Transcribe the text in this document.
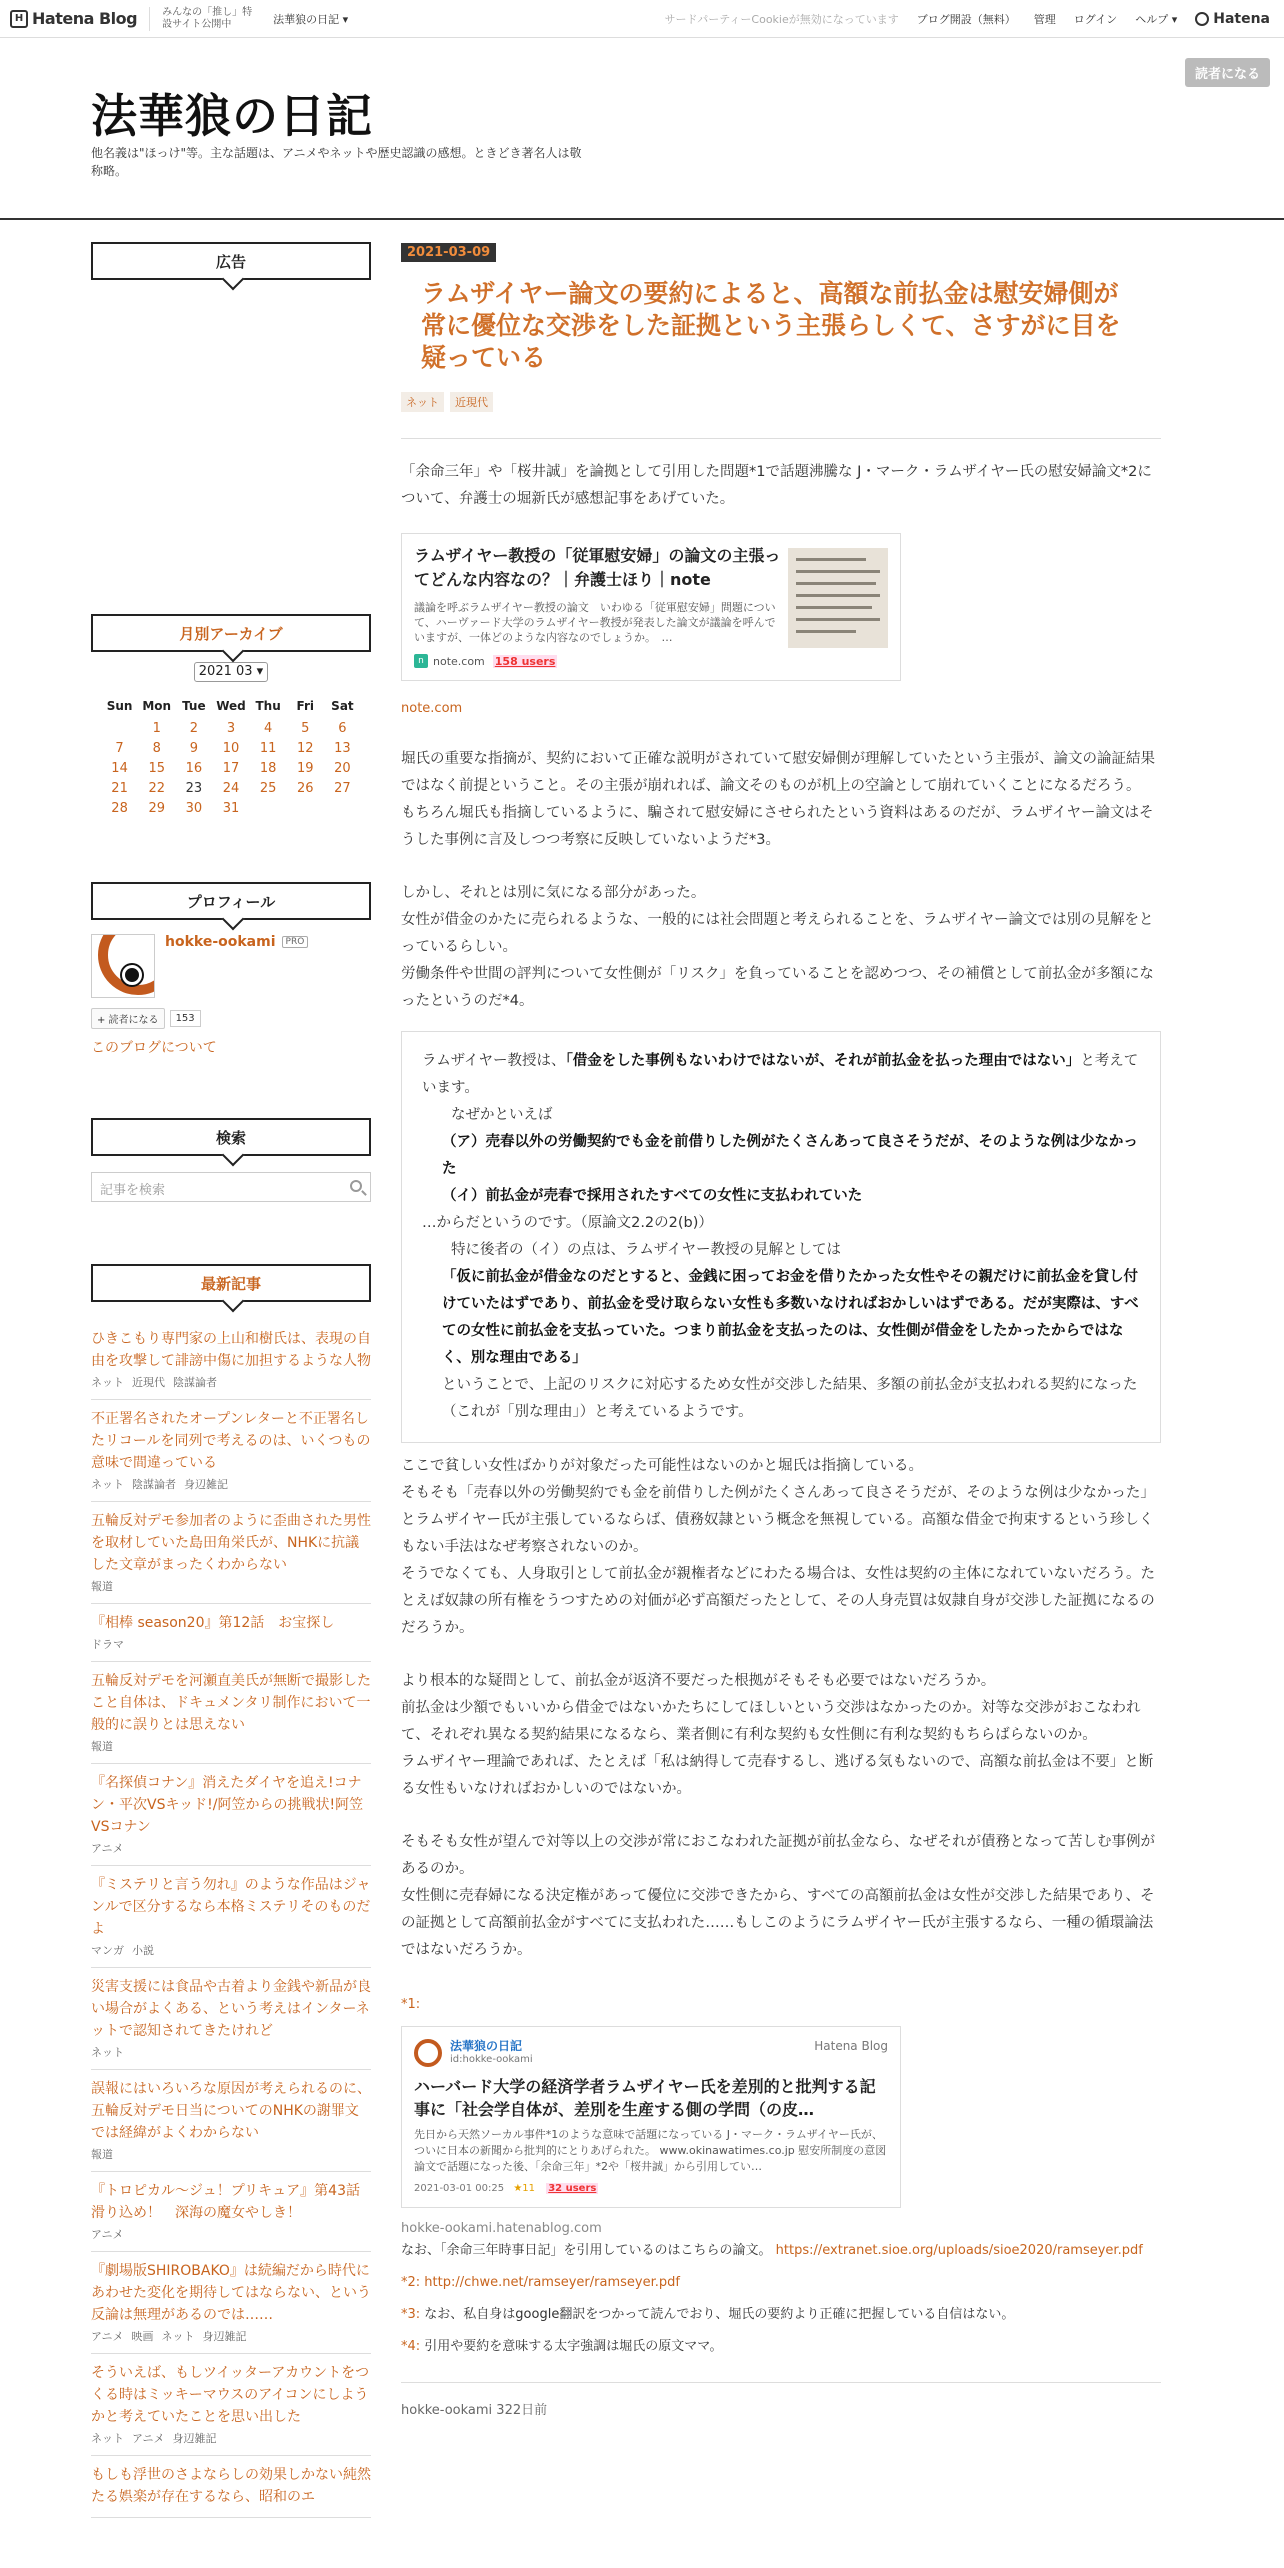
H Hatena Blog	みんなの「推し」特設サイト公開中	法華狼の日記 ▾	サードパーティーCookieが無効になっています ブログ開設（無料） 管理 ログイン ヘルプ ▾	Hatena
法華狼の日記
他名義は"ほっけ"等。主な話題は、アニメやネットや歴史認識の感想。ときどき著名人は敬称略。
読者になる
広告
月別アーカイブ
2021 03 ▾
Sun	Mon	Tue	Wed	Thu	Fri	Sat
	1	2	3	4	5	6
7	8	9	10	11	12	13
14	15	16	17	18	19	20
21	22	23	24	25	26	27
28	29	30	31			
プロフィール
hokke-ookami PRO
+ 読者になる	153
このブログについて
検索
記事を検索
最新記事
ひきこもり専門家の上山和樹氏は、表現の自由を攻撃して誹謗中傷に加担するような人物
ネット 近現代 陰謀論者
不正署名されたオープンレターと不正署名したリコールを同列で考えるのは、いくつもの意味で間違っている
ネット 陰謀論者 身辺雑記
五輪反対デモ参加者のように歪曲された男性を取材していた島田角栄氏が、NHKに抗議した文章がまったくわからない
報道
『相棒 season20』第12話　お宝探し
ドラマ
五輪反対デモを河瀬直美氏が無断で撮影したこと自体は、ドキュメンタリ制作において一般的に誤りとは思えない
報道
『名探偵コナン』消えたダイヤを追え!コナン・平次VSキッド!/阿笠からの挑戦状!阿笠VSコナン
アニメ
『ミステリと言う勿れ』のような作品はジャンルで区分するなら本格ミステリそのものだよ
マンガ 小説
災害支援には食品や古着より金銭や新品が良い場合がよくある、という考えはインターネットで認知されてきたけれど
ネット
誤報にはいろいろな原因が考えられるのに、五輪反対デモ日当についてのNHKの謝罪文では経緯がよくわからない
報道
『トロピカル～ジュ！プリキュア』第43話　滑り込め！　深海の魔女やしき！
アニメ
『劇場版SHIROBAKO』は続編だから時代にあわせた変化を期待してはならない、という反論は無理があるのでは……
アニメ 映画 ネット 身辺雑記
そういえば、もしツイッターアカウントをつくる時はミッキーマウスのアイコンにしようかと考えていたことを思い出した
ネット アニメ 身辺雑記
もしも浮世のさよならしの効果しかない純然たる娯楽が存在するなら、昭和のエ
2021-03-09
ラムザイヤー論文の要約によると、高額な前払金は慰安婦側が常に優位な交渉をした証拠という主張らしくて、さすがに目を疑っている
ネット	近現代

「余命三年」や「桜井誠」を論拠として引用した問題*1で話題沸騰な J・マーク・ラムザイヤー氏の慰安婦論文*2について、弁護士の堀新氏が感想記事をあげていた。

ラムザイヤー教授の「従軍慰安婦」の論文の主張ってどんな内容なの？｜弁護士ほり｜note
議論を呼ぶラムザイヤー教授の論文　いわゆる「従軍慰安婦」問題について、ハーヴァード大学のラムザイヤー教授が発表した論文が議論を呼んでいますが、一体どのような内容なのでしょうか。　…
n note.com 158 users
note.com

堀氏の重要な指摘が、契約において正確な説明がされていて慰安婦側が理解していたという主張が、論文の論証結果ではなく前提ということ。その主張が崩れれば、論文そのものが机上の空論として崩れていくことになるだろう。

もちろん堀氏も指摘しているように、騙されて慰安婦にさせられたという資料はあるのだが、ラムザイヤー論文はそうした事例に言及しつつ考察に反映していないようだ*3。

しかし、それとは別に気になる部分があった。

女性が借金のかたに売られるような、一般的には社会問題と考えられることを、ラムザイヤー論文では別の見解をとっているらしい。

労働条件や世間の評判について女性側が「リスク」を負っていることを認めつつ、その補償として前払金が多額になったというのだ*4。

ラムザイヤー教授は、「借金をした事例もないわけではないが、それが前払金を払った理由ではない」と考えています。

　　なぜかといえば

（ア）売春以外の労働契約でも金を前借りした例がたくさんあって良さそうだが、そのような例は少なかった

（イ）前払金が売春で採用されたすべての女性に支払われていた

…からだというのです。（原論文2.2の2(b)）

　　特に後者の（イ）の点は、ラムザイヤー教授の見解としては

「仮に前払金が借金なのだとすると、金銭に困ってお金を借りたかった女性やその親だけに前払金を貸し付けていたはずであり、前払金を受け取らない女性も多数いなければおかしいはずである。だが実際は、すべての女性に前払金を支払っていた。つまり前払金を支払ったのは、女性側が借金をしたかったからではなく、別な理由である」

ということで、上記のリスクに対応するため女性が交渉した結果、多額の前払金が支払われる契約になった（これが「別な理由」）と考えているようです。

ここで貧しい女性ばかりが対象だった可能性はないのかと堀氏は指摘している。

そもそも「売春以外の労働契約でも金を前借りした例がたくさんあって良さそうだが、そのような例は少なかった」とラムザイヤー氏が主張しているならば、債務奴隷という概念を無視している。高額な借金で拘束するという珍しくもない手法はなぜ考察されないのか。

そうでなくても、人身取引として前払金が親権者などにわたる場合は、女性は契約の主体になれていないだろう。たとえば奴隷の所有権をうつすための対価が必ず高額だったとして、その人身売買は奴隷自身が交渉した証拠になるのだろうか。

より根本的な疑問として、前払金が返済不要だった根拠がそもそも必要ではないだろうか。

前払金は少額でもいいから借金ではないかたちにしてほしいという交渉はなかったのか。対等な交渉がおこなわれて、それぞれ異なる契約結果になるなら、業者側に有利な契約も女性側に有利な契約もちらばらないのか。

ラムザイヤー理論であれば、たとえば「私は納得して売春するし、逃げる気もないので、高額な前払金は不要」と断る女性もいなければおかしいのではないか。

そもそも女性が望んで対等以上の交渉が常におこなわれた証拠が前払金なら、なぜそれが債務となって苦しむ事例があるのか。

女性側に売春婦になる決定権があって優位に交渉できたから、すべての高額前払金は女性が交渉した結果であり、その証拠として高額前払金がすべてに支払われた……もしこのようにラムザイヤー氏が主張するなら、一種の循環論法ではないだろうか。

*1:
法華狼の日記
id:hokke-ookami
Hatena Blog
ハーバード大学の経済学者ラムザイヤー氏を差別的と批判する記事に「社会学自体が、差別を生産する側の学問（の皮…
先日から天然ソーカル事件*1のような意味で話題になっている J・マーク・ラムザイヤー氏が、ついに日本の新聞から批判的にとりあげられた。 www.okinawatimes.co.jp 慰安所制度の意図論文で話題になった後、「余命三年」*2や「桜井誠」から引用してい…
2021-03-01 00:25 ★11 32 users
hokke-ookami.hatenablog.com
なお、「余命三年時事日記」を引用しているのはこちらの論文。 https://extranet.sioe.org/uploads/sioe2020/ramseyer.pdf
*2: http://chwe.net/ramseyer/ramseyer.pdf
*3: なお、私自身はgoogle翻訳をつかって読んでおり、堀氏の要約より正確に把握している自信はない。
*4: 引用や要約を意味する太字強調は堀氏の原文ママ。
hokke-ookami 322日前
